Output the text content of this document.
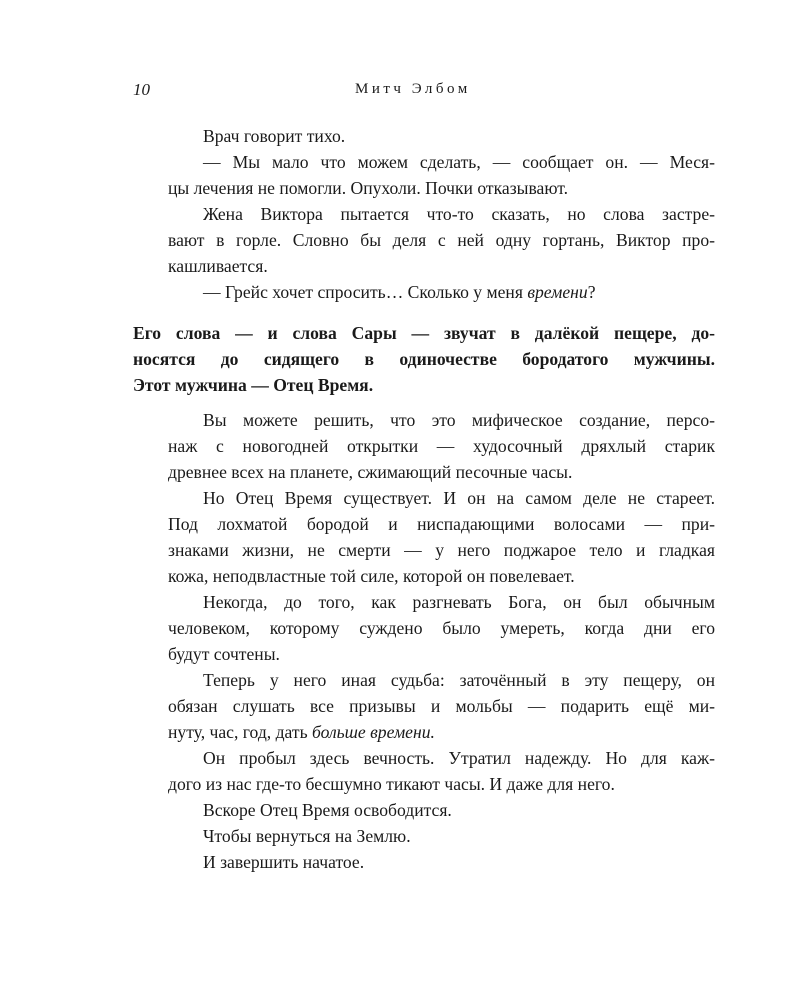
10	Митч Элбом
Врач говорит тихо.
— Мы мало что можем сделать, — сообщает он. — Меся-
цы лечения не помогли. Опухоли. Почки отказывают.
Жена Виктора пытается что-то сказать, но слова застре-
вают в горле. Словно бы деля с ней одну гортань, Виктор про-
кашливается.
— Грейс хочет спросить… Сколько у меня времени?
Его слова — и слова Сары — звучат в далёкой пещере, до-
носятся до сидящего в одиночестве бородатого мужчины.
Этот мужчина — Отец Время.
Вы можете решить, что это мифическое создание, персо-
наж с новогодней открытки — худосочный дряхлый старик
древнее всех на планете, сжимающий песочные часы.
Но Отец Время существует. И он на самом деле не стареет.
Под лохматой бородой и ниспадающими волосами — при-
знаками жизни, не смерти — у него поджарое тело и гладкая
кожа, неподвластные той силе, которой он повелевает.
Некогда, до того, как разгневать Бога, он был обычным
человеком, которому суждено было умереть, когда дни его
будут сочтены.
Теперь у него иная судьба: заточённый в эту пещеру, он
обязан слушать все призывы и мольбы — подарить ещё ми-
нуту, час, год, дать больше времени.
Он пробыл здесь вечность. Утратил надежду. Но для каж-
дого из нас где-то бесшумно тикают часы. И даже для него.
Вскоре Отец Время освободится.
Чтобы вернуться на Землю.
И завершить начатое.
